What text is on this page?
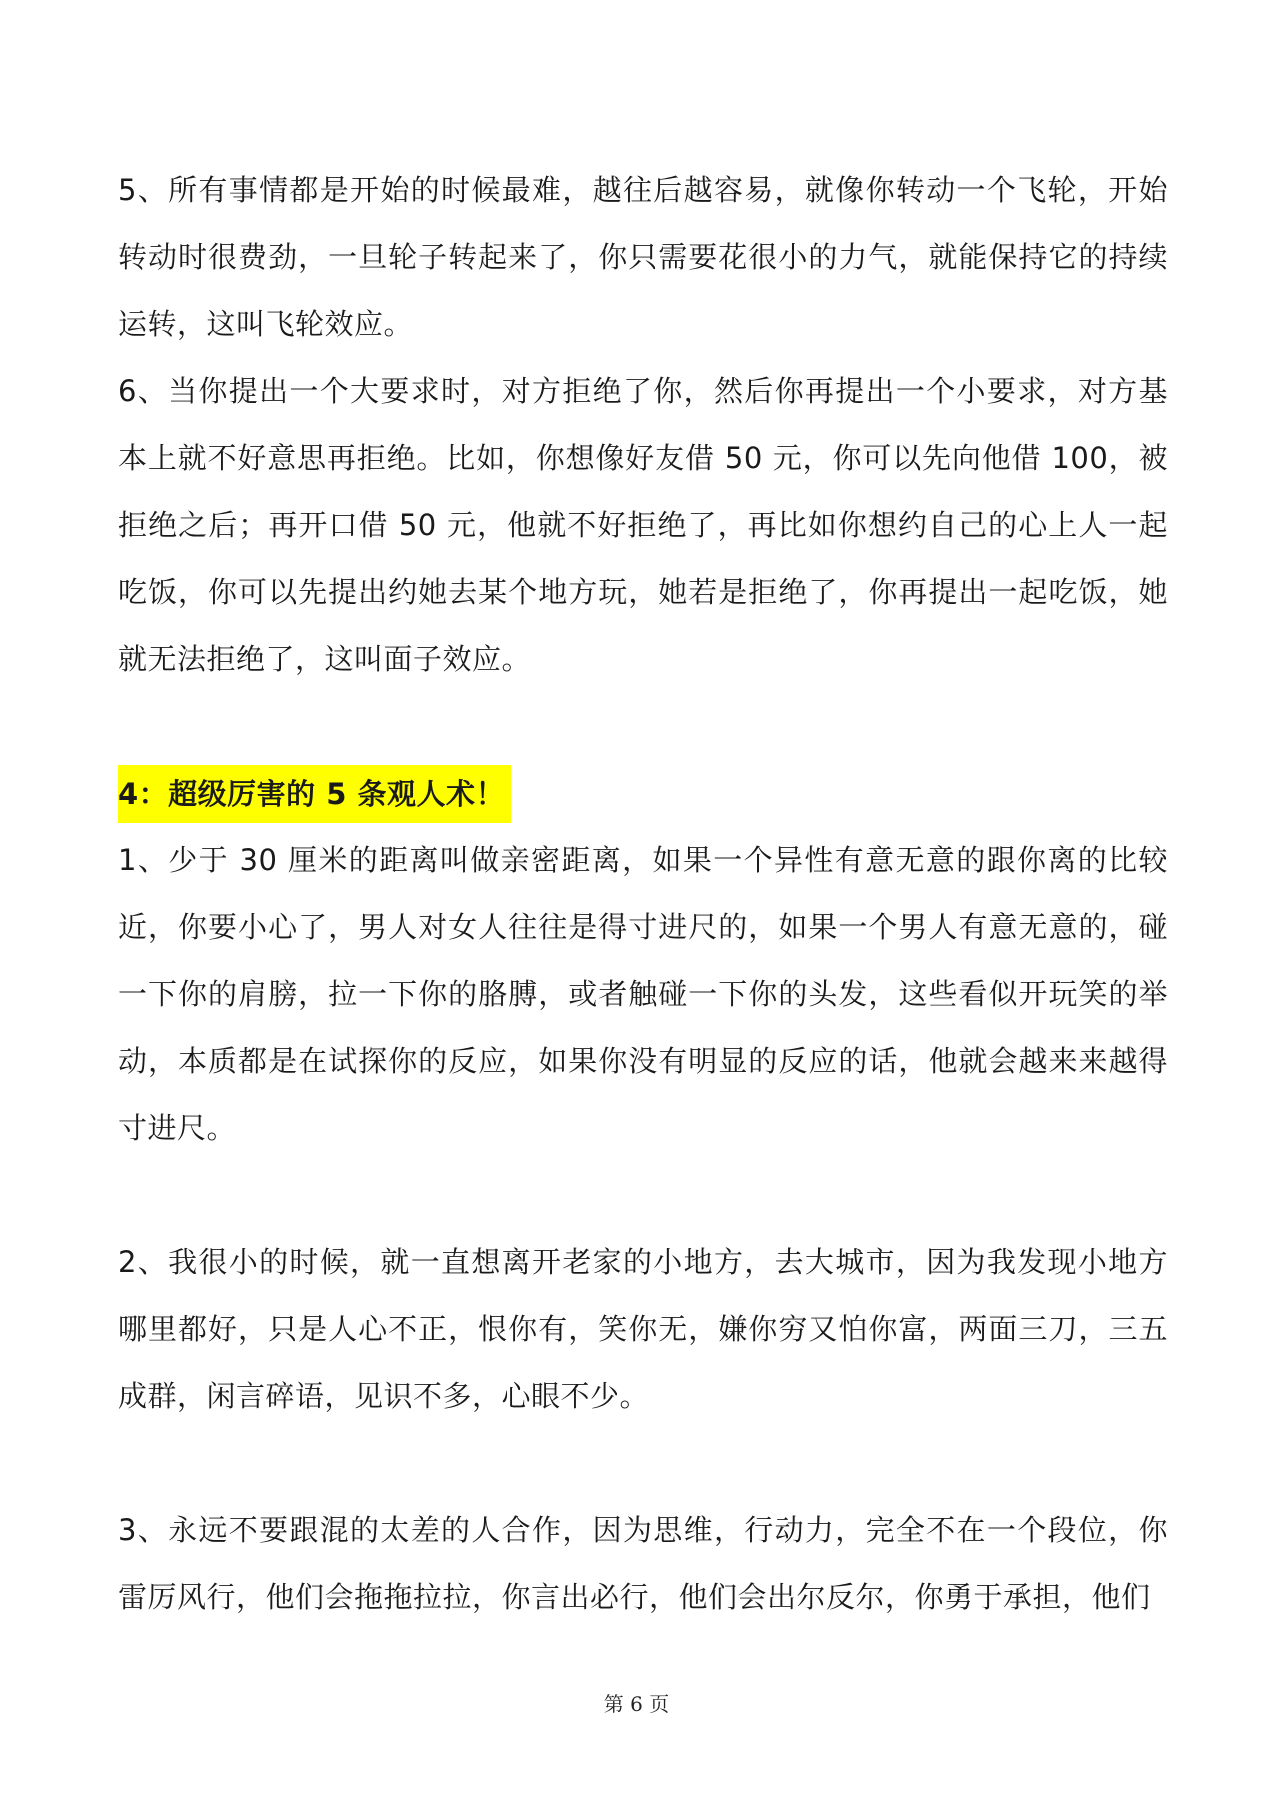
5、所有事情都是开始的时候最难，越往后越容易，就像你转动一个飞轮，开始转动时很费劲，一旦轮子转起来了，你只需要花很小的力气，就能保持它的持续运转，这叫飞轮效应。

6、当你提出一个大要求时，对方拒绝了你，然后你再提出一个小要求，对方基本上就不好意思再拒绝。比如，你想像好友借 50 元，你可以先向他借 100，被拒绝之后；再开口借 50 元，他就不好拒绝了，再比如你想约自己的心上人一起吃饭，你可以先提出约她去某个地方玩，她若是拒绝了，你再提出一起吃饭，她就无法拒绝了，这叫面子效应。

4：超级厉害的 5 条观人术！

1、少于 30 厘米的距离叫做亲密距离，如果一个异性有意无意的跟你离的比较近，你要小心了，男人对女人往往是得寸进尺的，如果一个男人有意无意的，碰一下你的肩膀，拉一下你的胳膊，或者触碰一下你的头发，这些看似开玩笑的举动，本质都是在试探你的反应，如果你没有明显的反应的话，他就会越来来越得寸进尺。

2、我很小的时候，就一直想离开老家的小地方，去大城市，因为我发现小地方哪里都好，只是人心不正，恨你有，笑你无，嫌你穷又怕你富，两面三刀，三五成群，闲言碎语，见识不多，心眼不少。

3、永远不要跟混的太差的人合作，因为思维，行动力，完全不在一个段位，你雷厉风行，他们会拖拖拉拉，你言出必行，他们会出尔反尔，你勇于承担，他们

第 6 页
